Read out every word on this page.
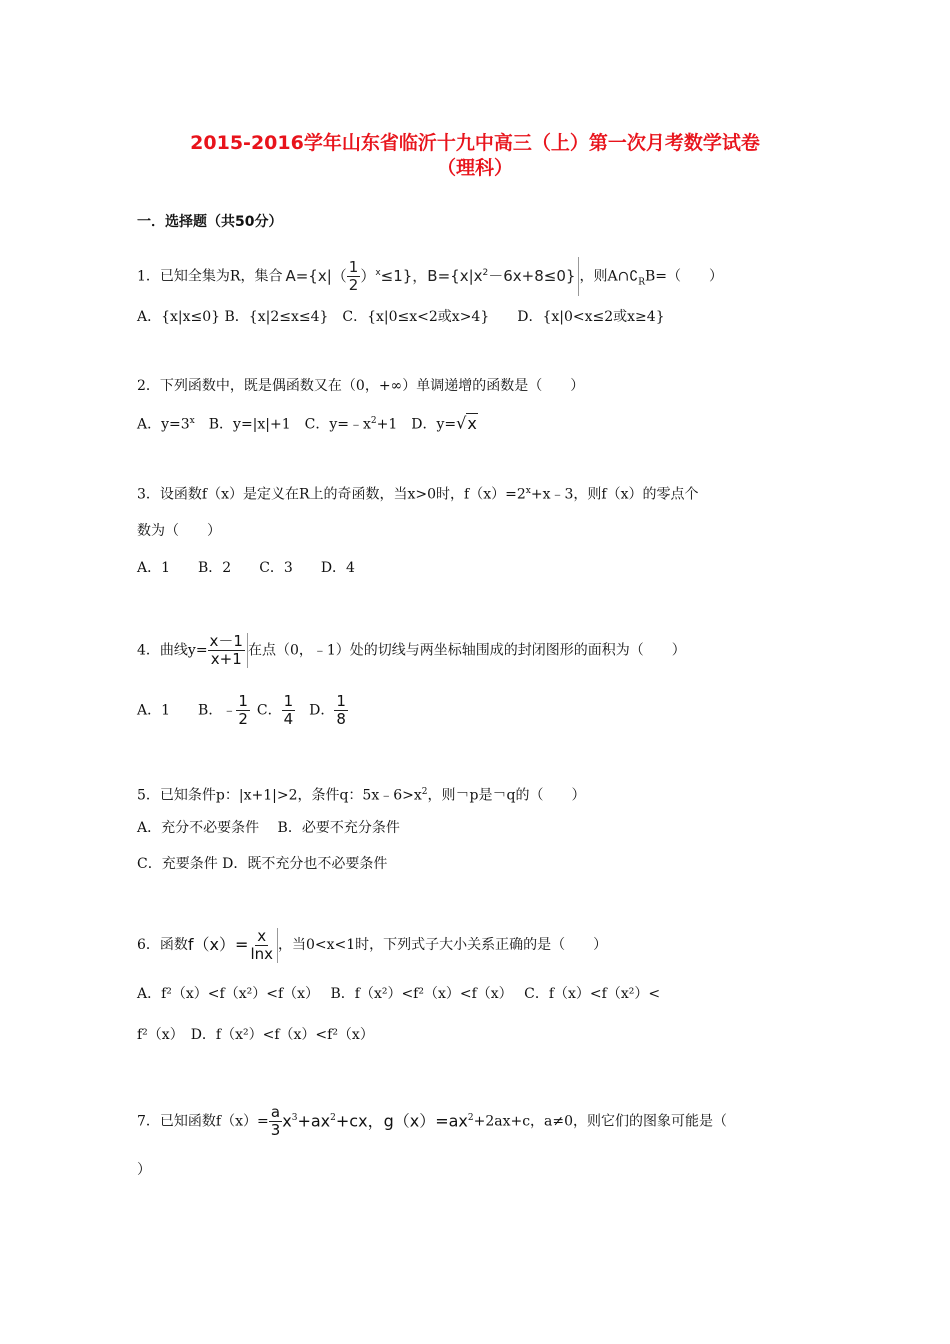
2015-2016学年山东省临沂十九中高三（上）第一次月考数学试卷
（理科）
一．选择题（共50分）
1．已知全集为R，集合 $A=\{x|( \frac{1}{2} )^x\le 1\}$，$B=\{x|x^2-6x+8\le 0\}$ ，则$A\cap∁_RB=$（　　）
A．{x|x≤0} B．{x|2≤x≤4}　C．{x|0≤x<2或x>4}　　D．{x|0<x≤2或x≥4}
2．下列函数中，既是偶函数又在（0，+∞）单调递增的函数是（　　）
A．$y=3^x$  B．y=|x|+1  C．$y=﹣x^2+1$  D．y=√x
3．设函数f（x）是定义在R上的奇函数，当x>0时，$f(x)=2^x+x﹣3$，则f（x）的零点个
数为（　　）
A．1　　B．2　　C．3　　D．4
4．曲线$y= \frac{x-1}{x+1}$ 在点（0，﹣1）处的切线与两坐标轴围成的封闭图形的面积为（　　）
A．1   B．﹣ $\frac{1}{2}$
  C． $\frac{1}{4}$
  D． $\frac{1}{8}$
5．已知条件p：|x+1|>2，条件q：$5x﹣6>x^2$，则￢p是￢q的（　　）
A．充分不必要条件　 B．必要不充分条件
C．充要条件 D．既不充分也不必要条件
6．函数$f(x)= \frac{x}{\ln x}$ ，当0<x<1时，下列式子大小关系正确的是（　　）
A．f²（x）<f（x²）<f（x）　 B．f（x²）<f²（x）<f（x）　 C．f（x）<f（x²）<
f²（x）　D．f（x²）<f（x）<f²（x）
7．已知函数$f(x)= \frac{a}{3} x^3+ax^2+cx$，$g(x)=ax^2+2ax+c$，a≠0，则它们的图象可能是（
）
